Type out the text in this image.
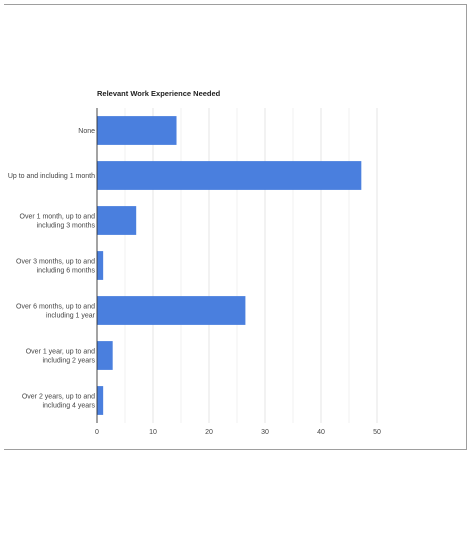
Relevant Work Experience Needed
0	10	20	30	40	50
None
Up to and including 1 month
Over 1 month, up to and including 3 months
Over 3 months, up to and including 6 months
Over 6 months, up to and including 1 year
Over 1 year, up to and including 2 years
Over 2 years, up to and including 4 years
